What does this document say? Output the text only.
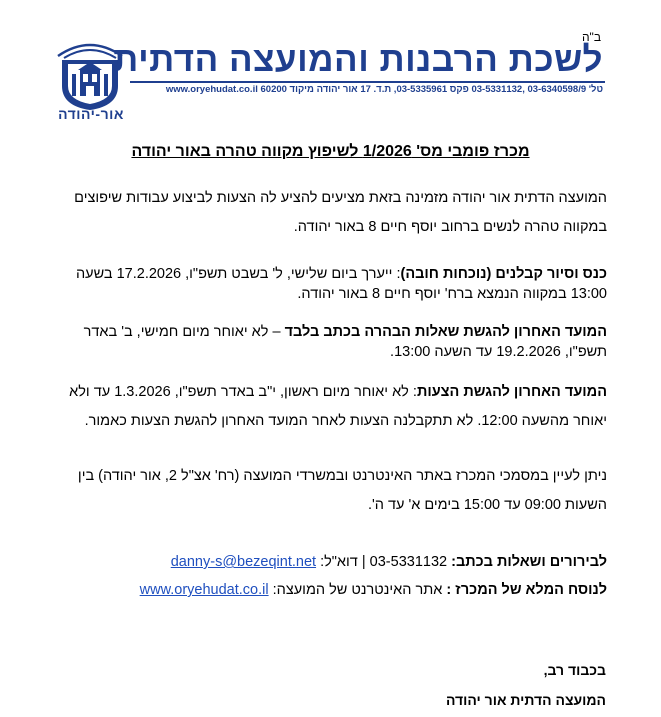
ב"ה
אור-יהודה
לשכת הרבנות והמועצה הדתית
טל' 03-6340598/9 ,03-5331132 פקס 03-5335961, ת.ד. 17 אור יהודה מיקוד 60200 www.oryehudat.co.il
מכרז פומבי מס' 1/2026 לשיפוץ מקווה טהרה באור יהודה
המועצה הדתית אור יהודה מזמינה בזאת מציעים להציע לה הצעות לביצוע עבודות שיפוצים במקווה טהרה לנשים ברחוב יוסף חיים 8 באור יהודה.
כנס וסיור קבלנים (נוכחות חובה): ייערך ביום שלישי, ל' בשבט תשפ"ו, 17.2.2026 בשעה 13:00 במקווה הנמצא ברח' יוסף חיים 8 באור יהודה.
המועד האחרון להגשת שאלות הבהרה בכתב בלבד – לא יאוחר מיום חמישי, ב' באדר תשפ"ו, 19.2.2026 עד השעה 13:00.
המועד האחרון להגשת הצעות: לא יאוחר מיום ראשון, י"ב באדר תשפ"ו, 1.3.2026 עד ולא יאוחר מהשעה 12:00. לא תתקבלנה הצעות לאחר המועד האחרון להגשת הצעות כאמור.
ניתן לעיין במסמכי המכרז באתר האינטרנט ובמשרדי המועצה (רח' אצ"ל 2, אור יהודה) בין השעות 09:00 עד 15:00 בימים א' עד ה'.
לבירורים ושאלות בכתב: 03-5331132 | דוא"ל: danny-s@bezeqint.net
לנוסח המלא של המכרז : אתר האינטרנט של המועצה: www.oryehudat.co.il
בכבוד רב,
המועצה הדתית אור יהודה
